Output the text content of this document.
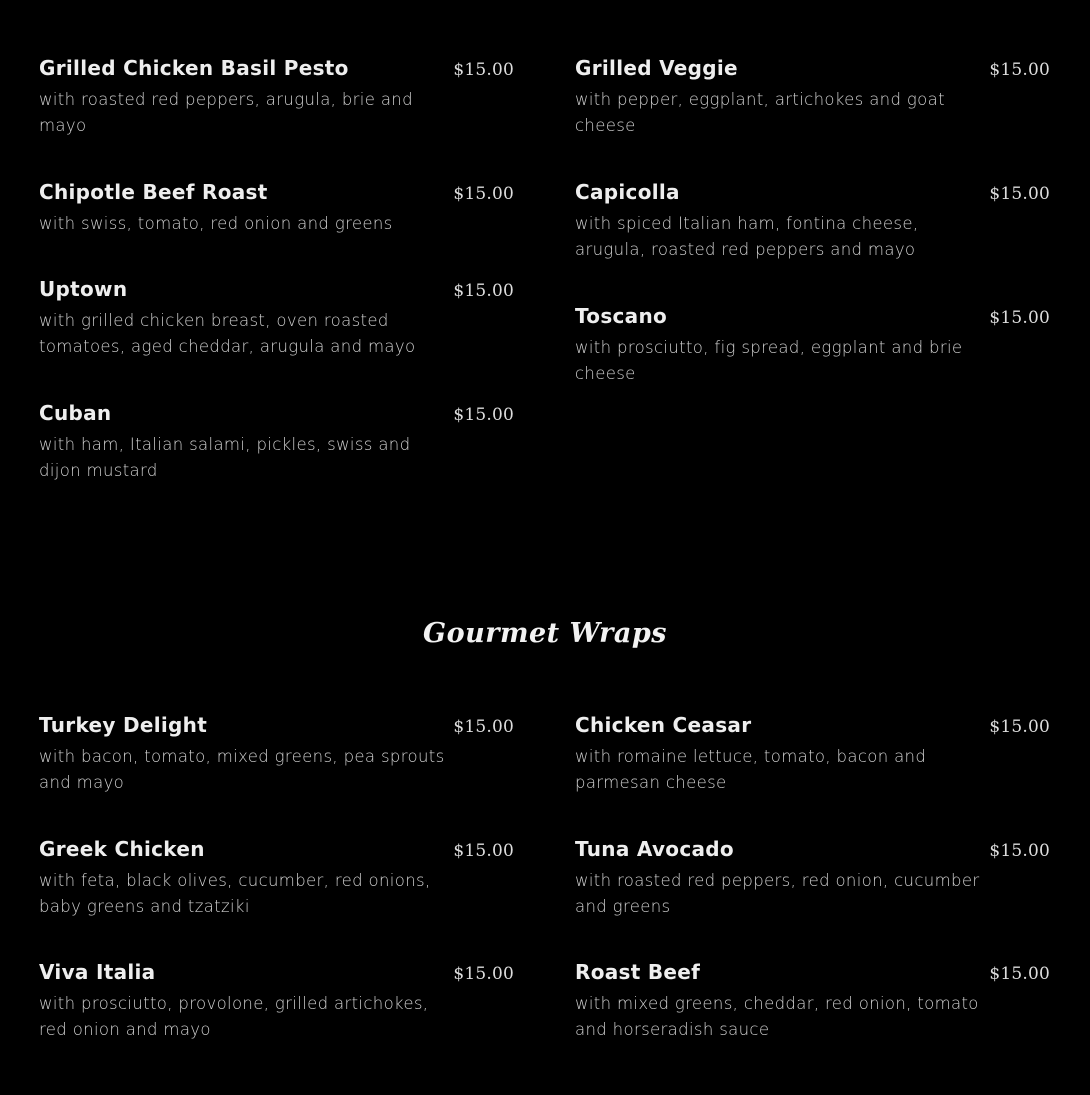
Grilled Chicken Basil Pesto	$15.00
with roasted red peppers, arugula, brie and mayo
Chipotle Beef Roast	$15.00
with swiss, tomato, red onion and greens
Uptown	$15.00
with grilled chicken breast, oven roasted tomatoes, aged cheddar, arugula and mayo
Cuban	$15.00
with ham, Italian salami, pickles, swiss and dijon mustard
Grilled Veggie	$15.00
with pepper, eggplant, artichokes and goat cheese
Capicolla	$15.00
with spiced Italian ham, fontina cheese, arugula, roasted red peppers and mayo
Toscano	$15.00
with prosciutto, fig spread, eggplant and brie cheese
Gourmet Wraps
Turkey Delight	$15.00
with bacon, tomato, mixed greens, pea sprouts and mayo
Greek Chicken	$15.00
with feta, black olives, cucumber, red onions, baby greens and tzatziki
Viva Italia	$15.00
with prosciutto, provolone, grilled artichokes, red onion and mayo
Chicken Ceasar	$15.00
with romaine lettuce, tomato, bacon and parmesan cheese
Tuna Avocado	$15.00
with roasted red peppers, red onion, cucumber and greens
Roast Beef	$15.00
with mixed greens, cheddar, red onion, tomato and horseradish sauce
